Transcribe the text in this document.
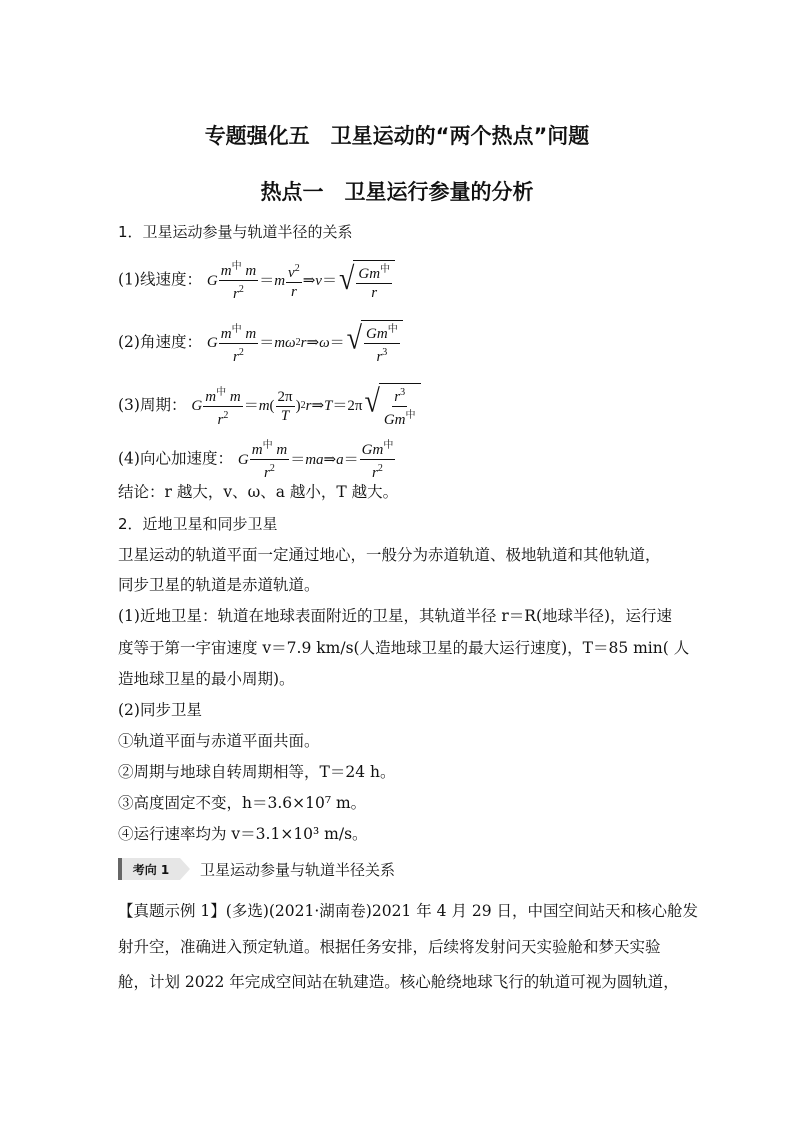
专题强化五　卫星运动的“两个热点”问题
热点一　卫星运行参量的分析
1．卫星运动参量与轨道半径的关系
(1)线速度： G $\frac{m^中 m}{r^2} = m \frac{v^2}{r}$ ⇒ v ＝ √ $\frac{Gm^中}{r}$
(2)角速度： G $\frac{m^中 m}{r^2} = m\omega$ 2 r ⇒ ω ＝ √ $\frac{Gm^中}{r^3}$
(3)周期： G $\frac{m^中 m}{r^2} = m$ ( $\frac{2\pi}{T}$ ) 2 r ⇒ T ＝2π √ $\frac{r^3}{Gm^中}$
(4)向心加速度： G $\frac{m^中 m}{r^2}$ ＝ ma ⇒ $a = \frac{Gm^中}{r^2}$
结论：r 越大，v、ω、a 越小，T 越大。
2．近地卫星和同步卫星
卫星运动的轨道平面一定通过地心，一般分为赤道轨道、极地轨道和其他轨道，
同步卫星的轨道是赤道轨道。
(1)近地卫星：轨道在地球表面附近的卫星，其轨道半径 r＝R(地球半径)，运行速
度等于第一宇宙速度 v＝7.9 km/s(人造地球卫星的最大运行速度)，T＝85 min( 人
造地球卫星的最小周期)。
(2)同步卫星
①轨道平面与赤道平面共面。
②周期与地球自转周期相等，T＝24 h。
③高度固定不变，h＝3.6×10⁷ m。
④运行速率均为 v＝3.1×10³ m/s。
考向 1	卫星运动参量与轨道半径关系
【真题示例 1】(多选)(2021·湖南卷)2021 年 4 月 29 日，中国空间站天和核心舱发
射升空，准确进入预定轨道。根据任务安排，后续将发射问天实验舱和梦天实验
舱，计划 2022 年完成空间站在轨建造。核心舱绕地球飞行的轨道可视为圆轨道，
